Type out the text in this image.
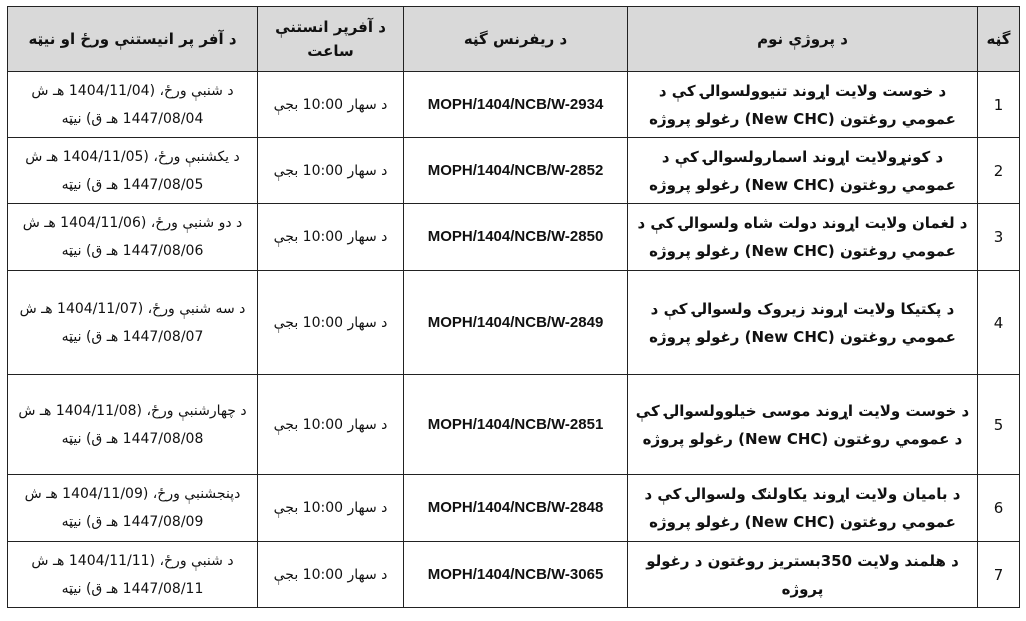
گڼه	د پروژې نوم	د ريفرنس گڼه	د آفرپر انستنې ساعت	د آفر پر انیستنې ورځ او نیټه
1	د خوست ولایت اړوند تنیوولسوالۍ کې د عمومي روغتون (New CHC) رغولو پروژه	MOPH/1404/NCB/W-2934	د سهار 10:00 بجې	د شنبې ورځ، (1404/11/04 هـ ش 1447/08/04 هـ ق) نیټه
2	د کونړولایت اړوند اسمارولسوالۍ کې د عمومي روغتون (New CHC) رغولو پروژه	MOPH/1404/NCB/W-2852	د سهار 10:00 بجې	د یکشنبې ورځ، (1404/11/05 هـ ش 1447/08/05 هـ ق) نیټه
3	د لغمان ولایت اړوند دولت شاه ولسوالۍ کې د عمومي روغتون (New CHC) رغولو پروژه	MOPH/1404/NCB/W-2850	د سهار 10:00 بجې	د دو شنبې ورځ، (1404/11/06 هـ ش 1447/08/06 هـ ق) نیټه
4	د پکتیکا ولایت اړوند زیروک ولسوالۍ کې د عمومي روغتون (New CHC) رغولو پروژه	MOPH/1404/NCB/W-2849	د سهار 10:00 بجې	د سه شنبې ورځ، (1404/11/07 هـ ش 1447/08/07 هـ ق) نیټه
5	د خوست ولایت اړوند موسی خیلوولسوالۍ کې د عمومي روغتون (New CHC) رغولو پروژه	MOPH/1404/NCB/W-2851	د سهار 10:00 بجې	د چهارشنبې ورځ، (1404/11/08 هـ ش 1447/08/08 هـ ق) نیټه
6	د بامیان ولایت اړوند یکاولنګ ولسوالۍ کې د عمومي روغتون (New CHC) رغولو پروژه	MOPH/1404/NCB/W-2848	د سهار 10:00 بجې	دپنجشنبې ورځ، (1404/11/09 هـ ش 1447/08/09 هـ ق) نیټه
7	د هلمند ولایت 350بستریز روغتون د رغولو پروژه	MOPH/1404/NCB/W-3065	د سهار 10:00 بجې	د شنبې ورځ، (1404/11/11 هـ ش 1447/08/11 هـ ق) نیټه
